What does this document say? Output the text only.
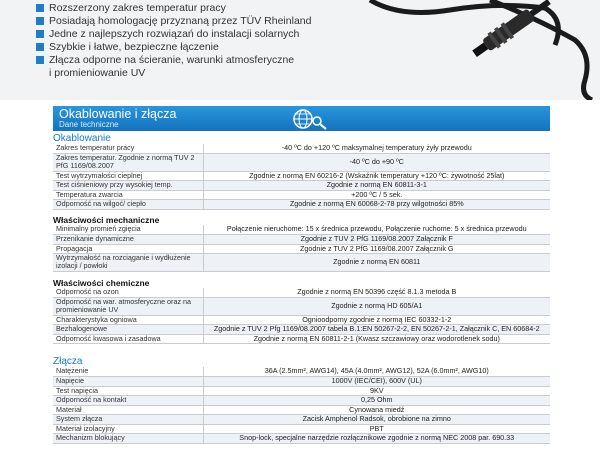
Rozszerzony zakres temperatur pracy
Posiadają homologację przyznaną przez TÜV Rheinland
Jedne z najlepszych rozwiązań do instalacji solarnych
Szybkie i łatwe, bezpieczne łączenie
Złącza odporne na ścieranie, warunki atmosferyczne
i promieniowanie UV
Okablowanie i złącza
Dane techniczne
Okablowanie
Zakres temperatur pracy	-40 ºC do +120 ºC maksymalnej temperatury żyły przewodu
Zakres temperatur. Zgodnie z normą TUV 2 PfG 1169/08.2007	-40 ºC do +90 ºC
Test wytrzymałości cieplnej	Zgodnie z normą EN 60216-2 (Wskaźnik temperatury +120 ºC: żywotność 25lat)
Test ciśnieniowy przy wysokiej temp.	Zgodnie z normą EN 60811-3-1
Temperatura zwarcia	+200 ºC / 5 sek.
Odporność na wilgoć/ ciepło	Zgodnie z normą EN 60068-2-78 przy wilgotności 85%
Właściwości mechaniczne
Minimalny promień zgięcia	Połączenie nieruchome: 15 x średnica przewodu, Połączenie ruchome: 5 x średnica przewodu
Przenikanie dynamiczne	Zgodnie z TUV 2 PfG 1169/08.2007 Załącznik F
Propagacja	Zgodnie z TUV 2 PfG 1169/08.2007 Załącznik G
Wytrzymałość na rozciąganie i wydłużenie izolacji / powłoki	Zgodnie z normą EN 60811
Właściwości chemiczne
Odporność na ozon	Zgodnie z normą EN 50396 część 8.1.3 metoda B
Odporność na war. atmosferyczne oraz na promieniowanie UV	Zgodnie z normą HD 605/A1
Charakterystyka ogniowa	Ognioodporny zgodnie z normą IEC 60332-1-2
Bezhalogenowe	Zgodnie z TUV 2 Pfg 1169/08.2007 tabela B.1:EN 50267-2-2, EN 50267-2-1, Załącznik C, EN 60684-2
Odporność kwasowa i zasadowa	Zgodnie z normą EN 60811-2-1 (Kwasz szczawiowy oraz wodorotlenek sodu)
Złącza
Natężenie	36A (2.5mm², AWG14), 45A (4.0mm², AWG12), 52A (6.0mm², AWG10)
Napięcie	1000V (IEC/CEI), 600V (UL)
Test napięcia	9KV
Odporność na kontakt	0,25 Ohm
Materiał	Cynowana miedź
System złącza	Zacisk Amphenol Radsok, obrobione na zimno
Materiał izolacyjny	PBT
Mechanizm blokujący	Snop-lock, specjalne narzędzie rozłącznikowe zgodnie z normą NEC 2008 par. 690.33
